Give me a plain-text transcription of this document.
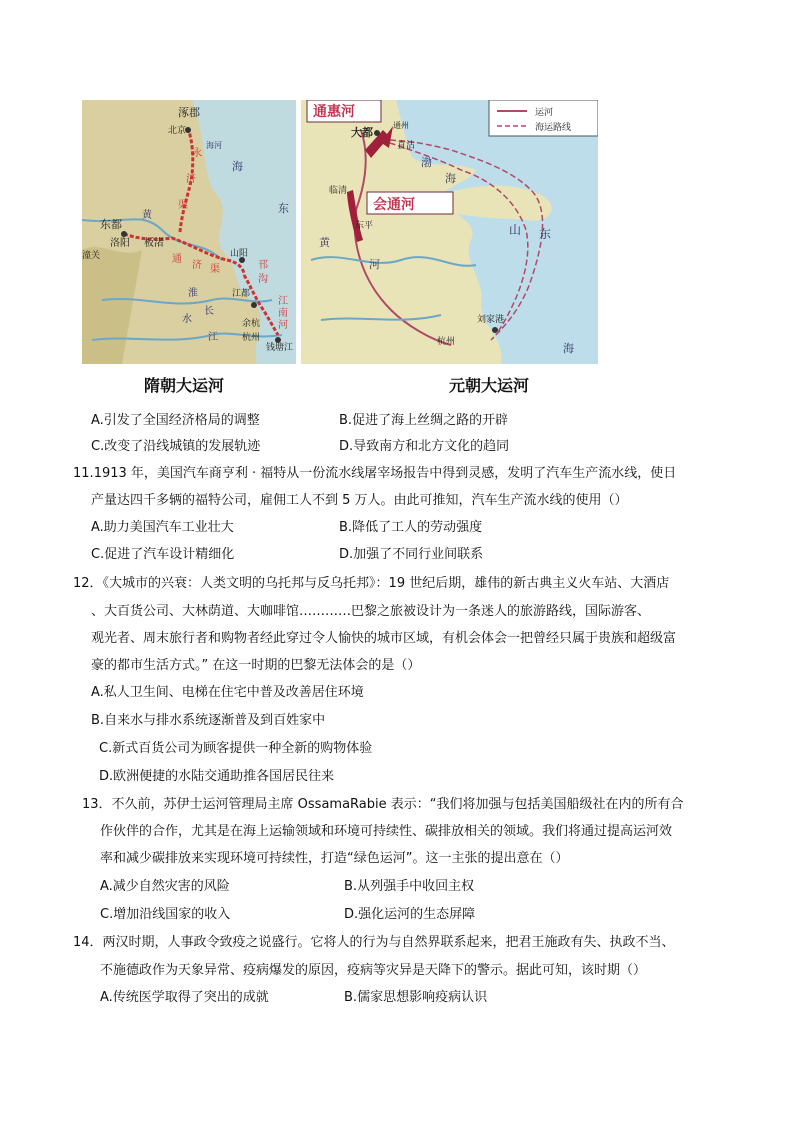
涿郡
北京
海河
永
济
渠
海
东
东都
洛阳 板渚
潼关	通
济 渠
山阳
邗
沟
江都
江
南
河
余杭
杭州
钱塘江
淮
水
长
江
黄
通惠河
会通河
运河
海运路线
大都
通州
直沽
渤
海
临清
东平	山 东
黄
河
刘家港
杭州	海
隋朝大运河	元朝大运河
A.引发了全国经济格局的调整	B.促进了海上丝绸之路的开辟
C.改变了沿线城镇的发展轨迹	D.导致南方和北方文化的趋同
11.1913 年，美国汽车商亨利 · 福特从一份流水线屠宰场报告中得到灵感，发明了汽车生产流水线，使日
产量达四千多辆的福特公司，雇佣工人不到 5 万人。由此可推知，汽车生产流水线的使用（）
A.助力美国汽车工业壮大	B.降低了工人的劳动强度
C.促进了汽车设计精细化	D.加强了不同行业间联系
12．《大城市的兴衰：人类文明的乌托邦与反乌托邦》：19 世纪后期，雄伟的新古典主义火车站、大酒店
、大百货公司、大林荫道、大咖啡馆…………巴黎之旅被设计为一条迷人的旅游路线，国际游客、
观光者、周末旅行者和购物者经此穿过令人愉快的城市区域，有机会体会一把曾经只属于贵族和超级富
豪的都市生活方式。” 在这一时期的巴黎无法体会的是（）
A.私人卫生间、电梯在住宅中普及改善居住环境
B.自来水与排水系统逐渐普及到百姓家中
C.新式百货公司为顾客提供一种全新的购物体验
D.欧洲便捷的水陆交通助推各国居民往来
13．不久前，苏伊士运河管理局主席 OssamaRabie 表示：“我们将加强与包括美国船级社在内的所有合
作伙伴的合作，尤其是在海上运输领域和环境可持续性、碳排放相关的领域。我们将通过提高运河效
率和减少碳排放来实现环境可持续性，打造“绿色运河”。这一主张的提出意在（）
A.减少自然灾害的风险	B.从列强手中收回主权
C.增加沿线国家的收入	D.强化运河的生态屏障
14．两汉时期，人事政令致疫之说盛行。它将人的行为与自然界联系起来，把君王施政有失、执政不当、
不施德政作为天象异常、疫病爆发的原因，疫病等灾异是天降下的警示。据此可知，该时期（）
A.传统医学取得了突出的成就	B.儒家思想影响疫病认识
